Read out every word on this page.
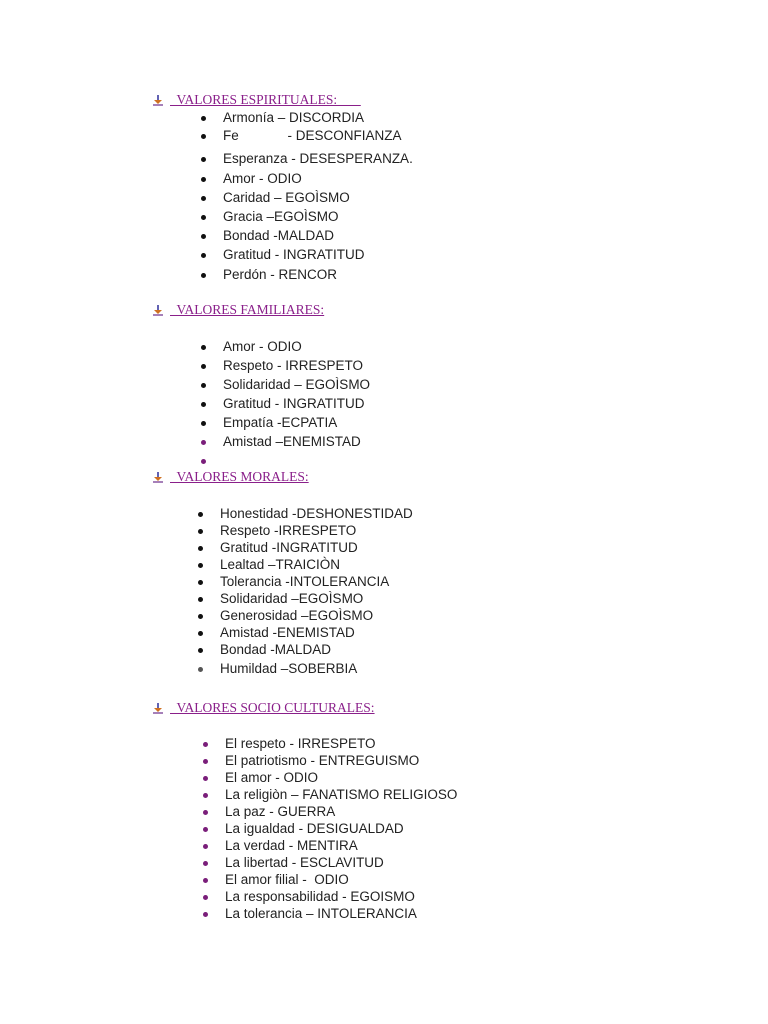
VALORES ESPIRITUALES:
Armonía – DISCORDIA
Fe             - DESCONFIANZA
Esperanza - DESESPERANZA.
Amor - ODIO
Caridad – EGOÌSMO
Gracia –EGOÌSMO
Bondad -MALDAD
Gratitud - INGRATITUD
Perdón - RENCOR
VALORES FAMILIARES:
Amor - ODIO
Respeto - IRRESPETO
Solidaridad – EGOÌSMO
Gratitud - INGRATITUD
Empatía -ECPATIA
Amistad –ENEMISTAD
VALORES MORALES:
Honestidad -DESHONESTIDAD
Respeto -IRRESPETO
Gratitud -INGRATITUD
Lealtad –TRAICIÒN
Tolerancia -INTOLERANCIA
Solidaridad –EGOÌSMO
Generosidad –EGOÌSMO
Amistad -ENEMISTAD
Bondad -MALDAD
Humildad –SOBERBIA
VALORES SOCIO CULTURALES:
El respeto - IRRESPETO
El patriotismo - ENTREGUISMO
El amor - ODIO
La religiòn – FANATISMO RELIGIOSO
La paz - GUERRA
La igualdad - DESIGUALDAD
La verdad - MENTIRA
La libertad - ESCLAVITUD
El amor filial -  ODIO
La responsabilidad - EGOISMO
La tolerancia – INTOLERANCIA
